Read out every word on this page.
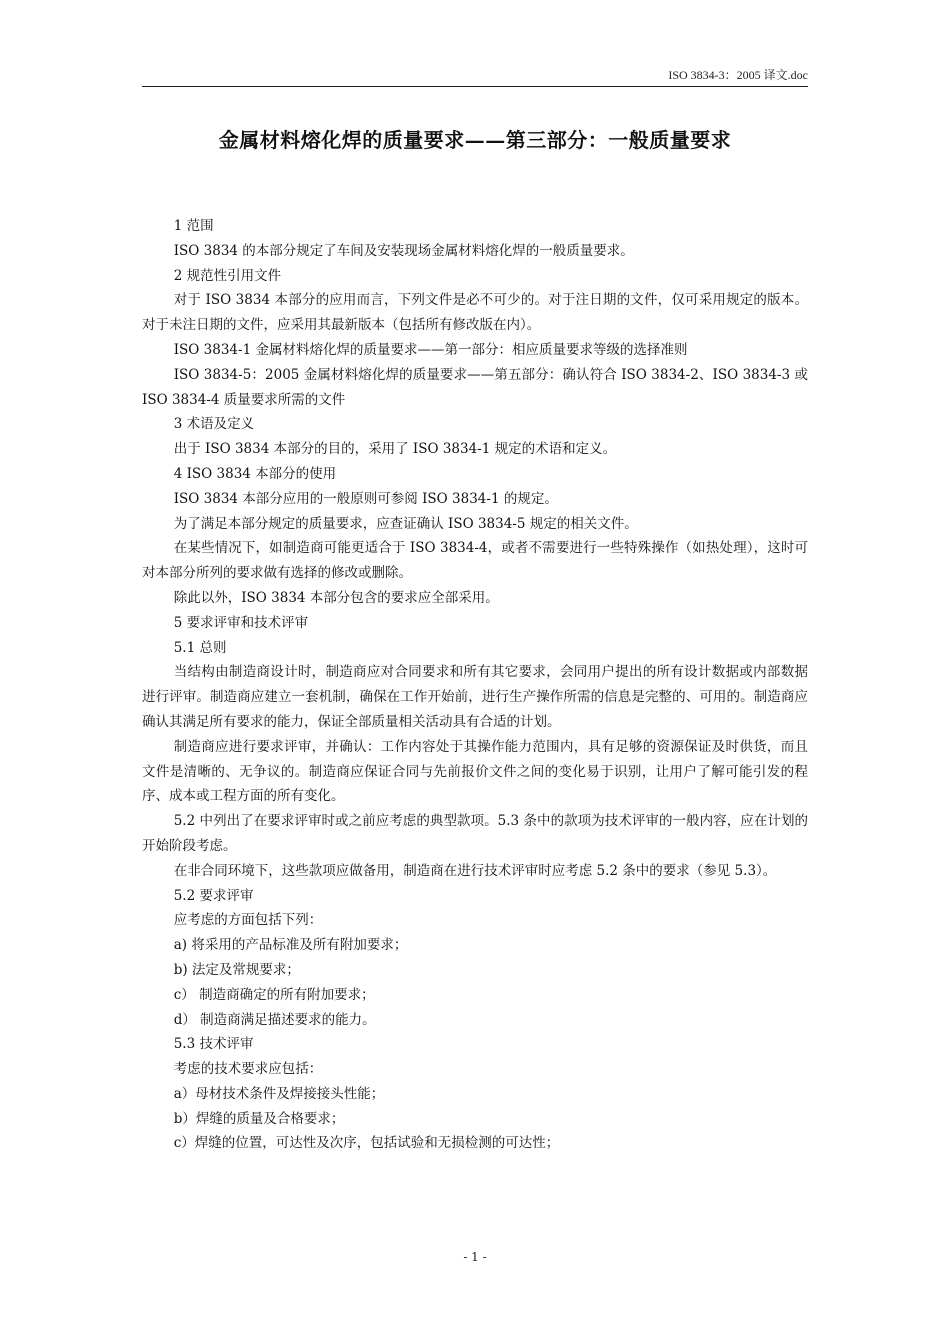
ISO 3834-3：2005 译文.doc
金属材料熔化焊的质量要求——第三部分：一般质量要求

1 范围

ISO 3834 的本部分规定了车间及安装现场金属材料熔化焊的一般质量要求。

2 规范性引用文件

对于 ISO 3834 本部分的应用而言，下列文件是必不可少的。对于注日期的文件，仅可采用规定的版本。对于未注日期的文件，应采用其最新版本（包括所有修改版在内）。

ISO 3834-1 金属材料熔化焊的质量要求——第一部分：相应质量要求等级的选择准则

ISO 3834-5：2005 金属材料熔化焊的质量要求——第五部分：确认符合 ISO 3834-2、ISO 3834-3 或 ISO 3834-4 质量要求所需的文件

3 术语及定义

出于 ISO 3834 本部分的目的，采用了 ISO 3834-1 规定的术语和定义。

4 ISO 3834 本部分的使用

ISO 3834 本部分应用的一般原则可参阅 ISO 3834-1 的规定。

为了满足本部分规定的质量要求，应查证确认 ISO 3834-5 规定的相关文件。

在某些情况下，如制造商可能更适合于 ISO 3834-4，或者不需要进行一些特殊操作（如热处理），这时可对本部分所列的要求做有选择的修改或删除。

除此以外，ISO 3834 本部分包含的要求应全部采用。

5 要求评审和技术评审

5.1 总则

当结构由制造商设计时，制造商应对合同要求和所有其它要求，会同用户提出的所有设计数据或内部数据进行评审。制造商应建立一套机制，确保在工作开始前，进行生产操作所需的信息是完整的、可用的。制造商应确认其满足所有要求的能力，保证全部质量相关活动具有合适的计划。

制造商应进行要求评审，并确认：工作内容处于其操作能力范围内，具有足够的资源保证及时供货，而且文件是清晰的、无争议的。制造商应保证合同与先前报价文件之间的变化易于识别，让用户了解可能引发的程序、成本或工程方面的所有变化。

5.2 中列出了在要求评审时或之前应考虑的典型款项。5.3 条中的款项为技术评审的一般内容，应在计划的开始阶段考虑。

在非合同环境下，这些款项应做备用，制造商在进行技术评审时应考虑 5.2 条中的要求（参见 5.3）。

5.2 要求评审

应考虑的方面包括下列：

a) 将采用的产品标准及所有附加要求；

b) 法定及常规要求；

c） 制造商确定的所有附加要求；

d） 制造商满足描述要求的能力。

5.3 技术评审

考虑的技术要求应包括：

a）母材技术条件及焊接接头性能；

b）焊缝的质量及合格要求；

c）焊缝的位置，可达性及次序，包括试验和无损检测的可达性；

- 1 -
